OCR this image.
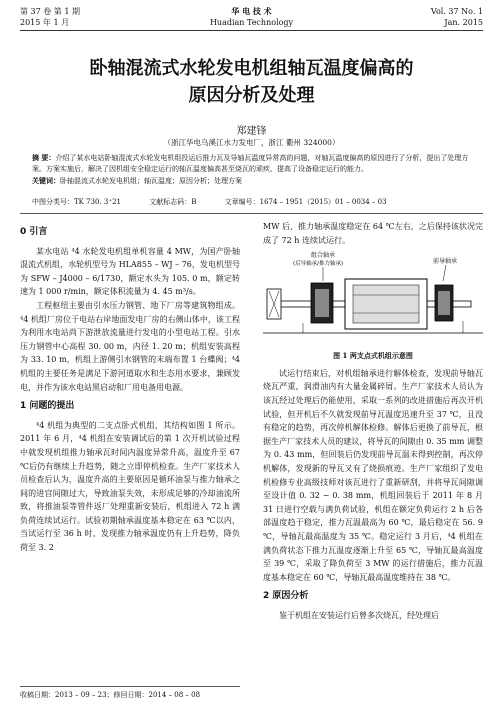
第 37 卷 第 1 期
2015 年 1 月
华 电 技 术
Huadian Technology
Vol. 37 No. 1
Jan. 2015
卧轴混流式水轮发电机组轴瓦温度偏高的
原因分析及处理
郑建锋
（浙江华电乌溪江水力发电厂，浙江 衢州 324000）
摘 要：介绍了某水电站卧轴混流式水轮发电机组投运后推力瓦及导轴瓦温度异常高的问题，对轴瓦温度偏高的原因进行了分析，提出了处理方案。方案实施后，解决了因机组安全稳定运行的轴瓦温度偏高甚至烧瓦的顽疾，提高了设备稳定运行的能力。
关键词：卧轴混流式水轮发电机组；轴瓦温度；原因分析；处理方案
中图分类号：TK 730. 3⁺21	文献标志码：B	文章编号：1674 – 1951（2015）01 – 0034 – 03
0 引言

某水电站 ⁴4 水轮发电机组单机容量 4 MW，为国产卧轴混流式机组，水轮机型号为 HLA855 – WJ – 76，发电机型号为 SFW – J4000 – 6/1730，额定水头为 105. 0 m，额定转速为 1 000 r/min，额定体积流量为 4. 45 m³/s。

工程枢纽主要由引水压力钢管、地下厂房等建筑物组成。⁴4 机组厂房位于电站右岸地面发电厂房的右侧山体中，该工程为利用水电站尚下游泄放流量进行发电的小型电站工程。引水压力钢管中心高程 30. 00 m，内径 1. 20 m；机组安装高程为 33. 10 m，机组上游侧引水钢管的末端布置 1 台蝶阀；⁴4 机组的主要任务是满足下游河道取水和生态用水要求，兼顾发电，并作为该水电站黑启动和厂用电备用电源。

1 问题的提出

⁴4 机组为典型的二支点卧式机组，其结构如图 1 所示。2011 年 6 月，⁴4 机组在安装调试后的第 1 次开机试验过程中就发现机组推力轴承瓦时间内温度异常升高，温度升至 67 ℃后仍有继续上升趋势，随之立即停机检查。生产厂家技术人员检查后认为，温度升高的主要原因是循环油泵与推力轴承之间的进宫间隙过大，导致油泵失效，未形成足够的冷却油流所致，将推油泵等管件返厂处理重新安装后，机组进入 72 h 满负荷连续试运行。试验初期轴承温度基本稳定在 63 ℃以内，当试运行至 36 h 时，发现推力轴承温度仍有上升趋势，降负荷至 3. 2

MW 后，推力轴承温度稳定在 64 ℃左右，之后保持该状况完成了 72 h 连续试运行。

组合轴承
(后导轴承/推力轴承)	前导轴承
图 1 两支点式机组示意图

试运行结束后，对机组轴承进行解体检查，发现前导轴瓦烧瓦严重，润滑油内有大量金属碎屑。生产厂家技术人员认为该瓦经过处理后仍能使用，采取一系列的改进措施后再次开机试验，但开机后不久就发现前导瓦温度迅速升至 37 ℃，且没有稳定的趋势，再次停机解体检修。解体后更换了前导瓦，根据生产厂家技术人员的建议，将导瓦的间隙由 0. 35 mm 调整为 0. 43 mm，但回装后仍发现前导瓦温未得到控制，再次停机解体，发现新的导瓦又有了烧损痕迹。生产厂家组织了发电机检修专业高级技师对该瓦进行了重新研刮，并将导瓦间隙调至设计值 0. 32 ~ 0. 38 mm，机组回装后于 2011 年 8 月 31 日进行空载与满负荷试验，机组在额定负荷运行 2 h 后各部温度趋于稳定，推力瓦温最高为 60 ℃，最后稳定在 56. 9 ℃，导轴瓦最高温度为 35 ℃。稳定运行 3 月后，⁴4 机组在满负荷状态下推力瓦温度逐渐上升至 65 ℃，导轴瓦最高温度至 39 ℃，采取了降负荷至 3 MW 的运行措施后，推力瓦温度基本稳定在 60 ℃，导轴瓦最高温度维持在 38 ℃。

2 原因分析

鉴于机组在安装运行后曾多次烧瓦，经处理后

收稿日期：2013 – 09 – 23；修回日期：2014 – 08 – 08
